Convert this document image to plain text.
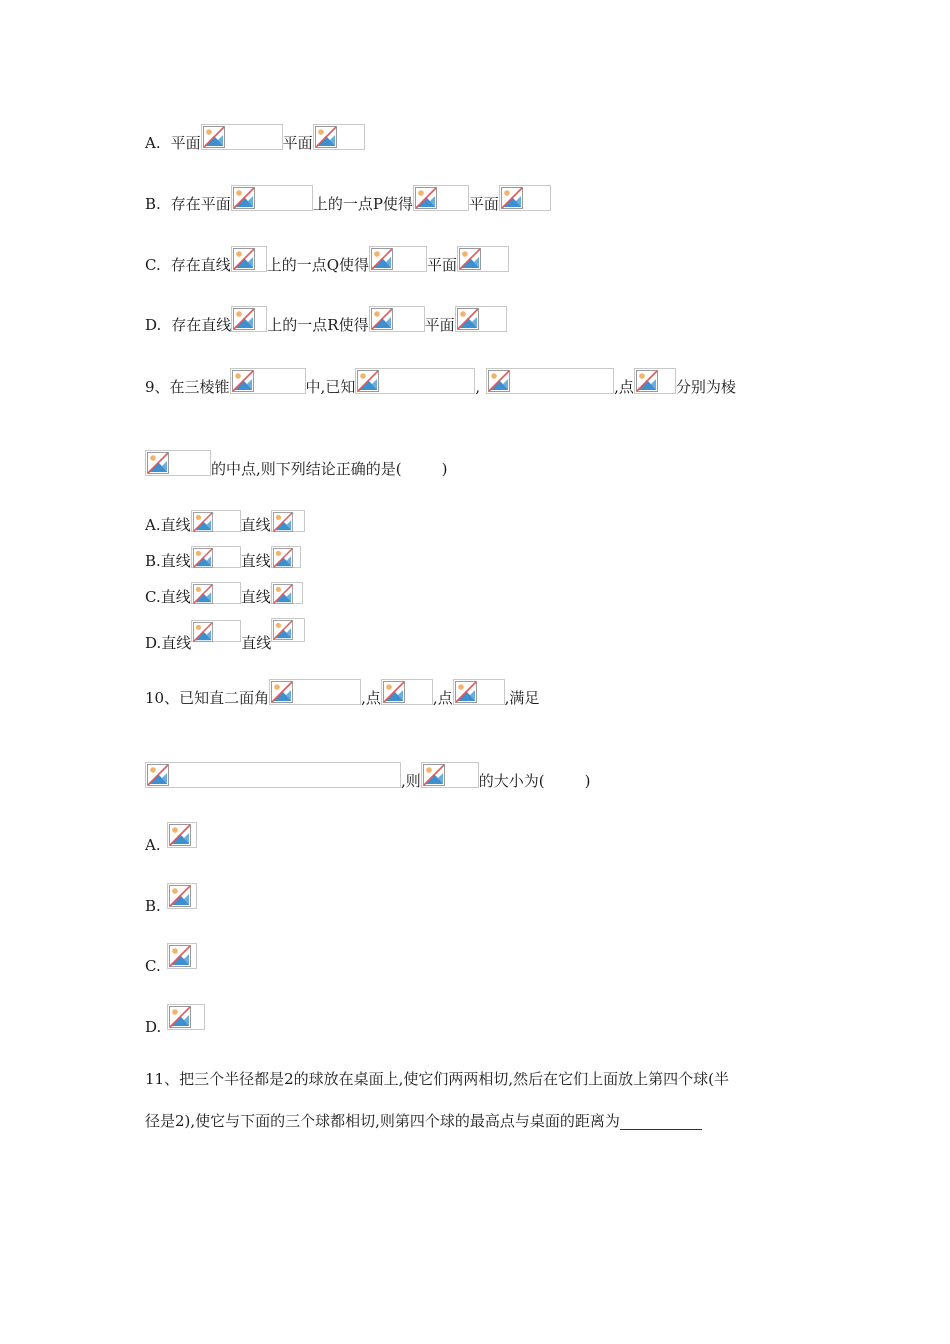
A. 平面	平面
B. 存在平面	上的一点P使得	平面
C. 存在直线 上的一点Q使得	平面
D. 存在直线 上的一点R使得	平面
9、在三棱锥	中,已知	,	,点	分别为棱
的中点,则下列结论正确的是(	)
A.直线	直线
B.直线	直线
C.直线	直线
D.直线	直线
10、已知直二面角	,点	,点	,满足
,则	的大小为(	)
A.
B.
C.
D.
11、把三个半径都是2的球放在桌面上,使它们两两相切,然后在它们上面放上第四个球(半
径是2),使它与下面的三个球都相切,则第四个球的最高点与桌面的距离为
